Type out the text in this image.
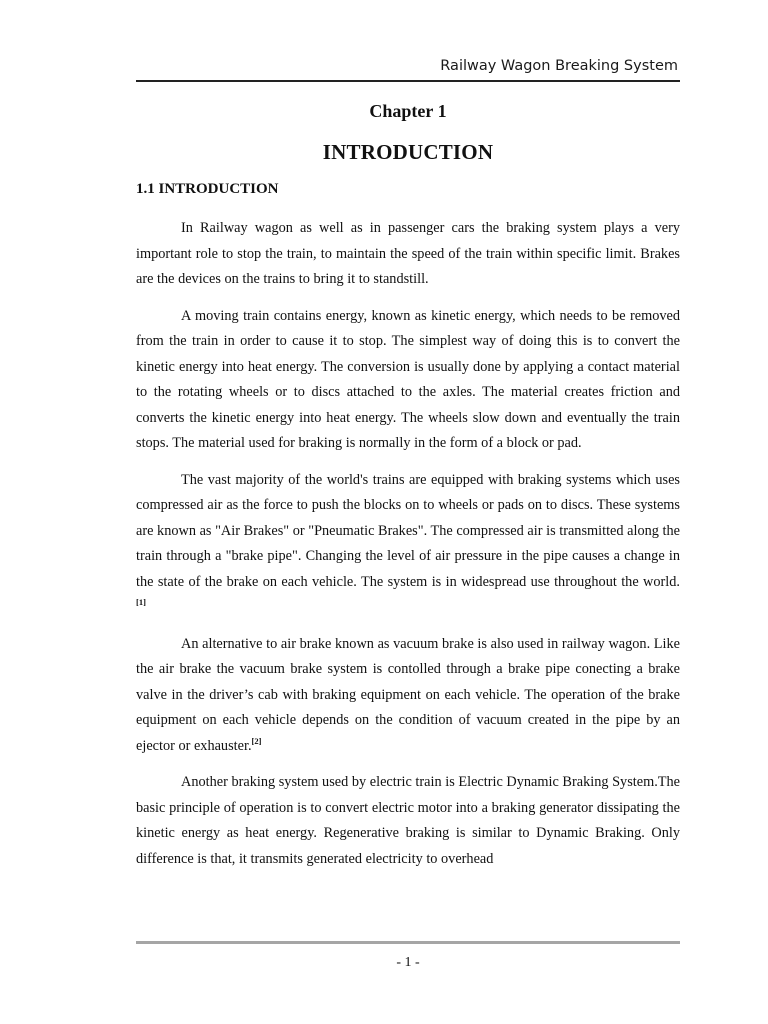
Railway Wagon Breaking System
Chapter 1
INTRODUCTION
1.1 INTRODUCTION

In Railway wagon as well as in passenger cars the braking system plays a very important role to stop the train, to maintain the speed of the train within specific limit. Brakes are the devices on the trains to bring it to standstill.

A moving train contains energy, known as kinetic energy, which needs to be removed from the train in order to cause it to stop. The simplest way of doing this is to convert the kinetic energy into heat energy. The conversion is usually done by applying a contact material to the rotating wheels or to discs attached to the axles. The material creates friction and converts the kinetic energy into heat energy. The wheels slow down and eventually the train stops. The material used for braking is normally in the form of a block or pad.

The vast majority of the world's trains are equipped with braking systems which uses compressed air as the force to push the blocks on to wheels or pads on to discs. These systems are known as "Air Brakes" or "Pneumatic Brakes". The compressed air is transmitted along the train through a "brake pipe". Changing the level of air pressure in the pipe causes a change in the state of the brake on each vehicle. The system is in widespread use throughout the world. [1]

An alternative to air brake known as vacuum brake is also used in railway wagon. Like the air brake the vacuum brake system is contolled through a brake pipe conecting a brake valve in the driver’s cab with braking equipment on each vehicle. The operation of the brake equipment on each vehicle depends on the condition of vacuum created in the pipe by an ejector or exhauster.[2]

Another braking system used by electric train is Electric Dynamic Braking System.The basic principle of operation is to convert electric motor into a braking generator dissipating the kinetic energy as heat energy. Regenerative braking is similar to Dynamic Braking. Only difference is that, it transmits generated electricity to overhead

- 1 -
